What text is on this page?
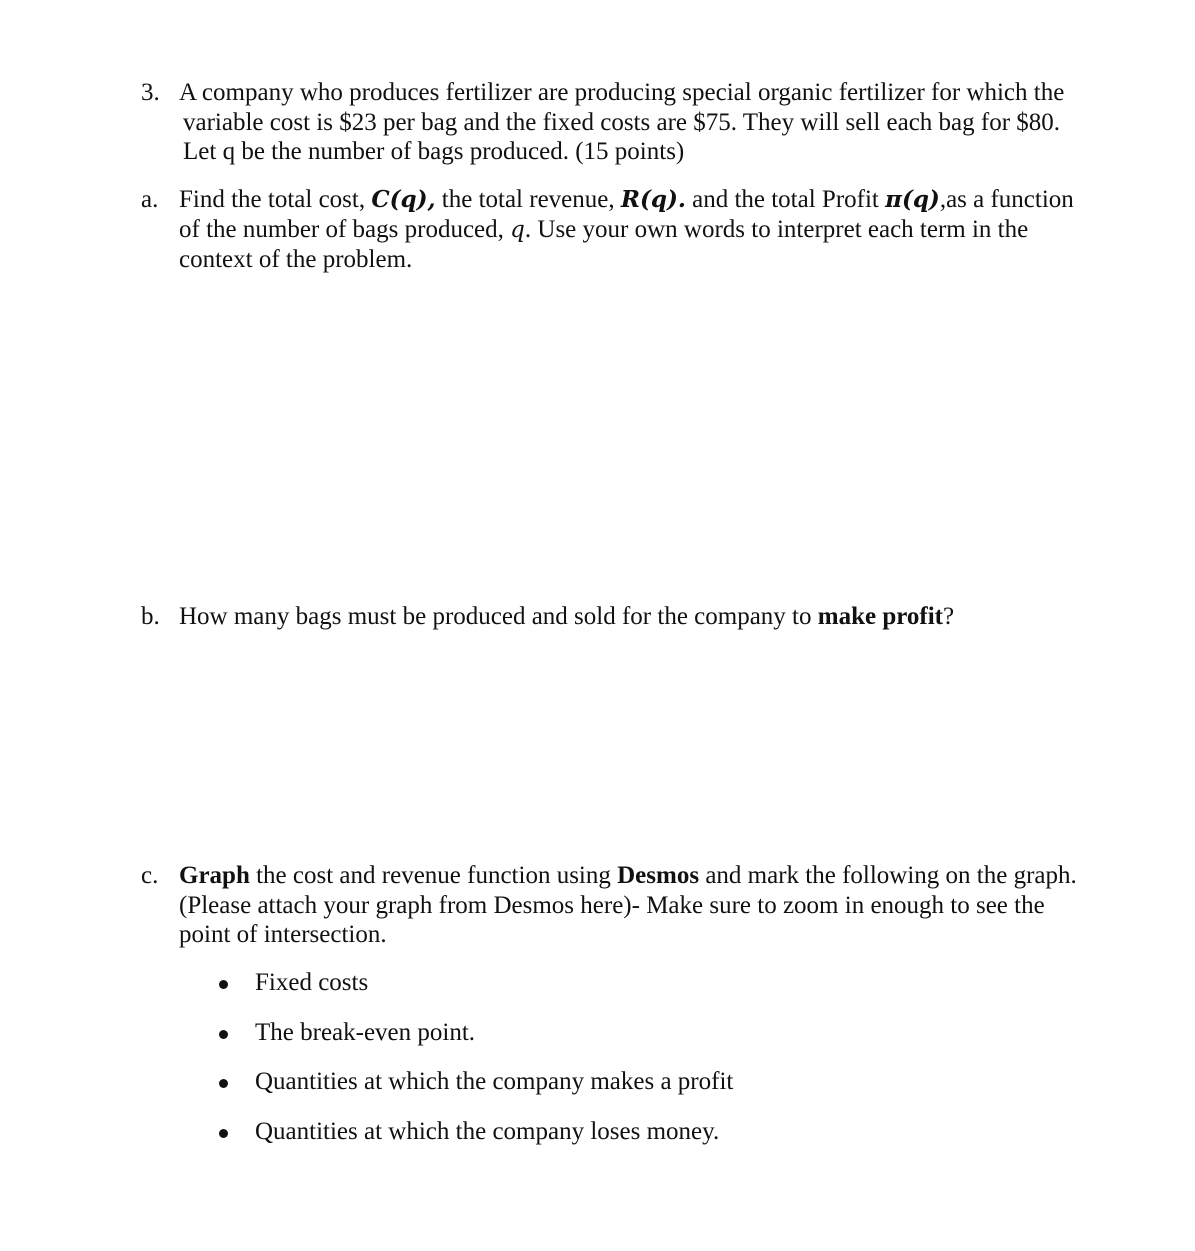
3. A company who produces fertilizer are producing special organic fertilizer for which the

variable cost is $23 per bag and the fixed costs are $75. They will sell each bag for $80.

Let q be the number of bags produced. (15 points)

a. Find the total cost, C(q), the total revenue, R(q). and the total Profit π(q),as a function

of the number of bags produced, q. Use your own words to interpret each term in the

context of the problem.

b. How many bags must be produced and sold for the company to make profit?

c. Graph the cost and revenue function using Desmos and mark the following on the graph.

(Please attach your graph from Desmos here)- Make sure to zoom in enough to see the

point of intersection.

Fixed costs
The break-even point.
Quantities at which the company makes a profit
Quantities at which the company loses money.
